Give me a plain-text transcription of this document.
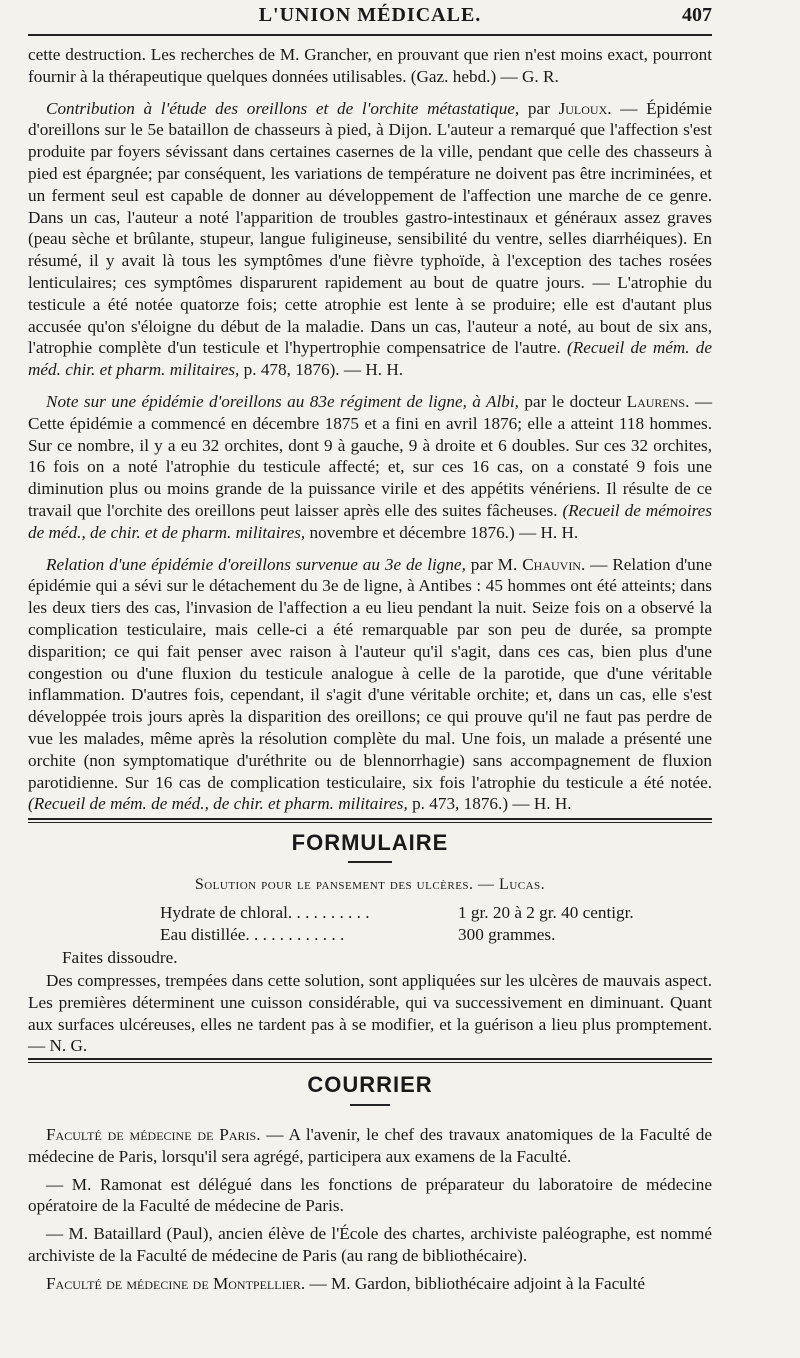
L'UNION MÉDICALE.	407

cette destruction. Les recherches de M. Grancher, en prouvant que rien n'est moins exact, pourront fournir à la thérapeutique quelques données utilisables. (Gaz. hebd.) — G. R.

Contribution à l'étude des oreillons et de l'orchite métastatique, par Juloux. — Épidémie d'oreillons sur le 5e bataillon de chasseurs à pied, à Dijon. L'auteur a remarqué que l'affection s'est produite par foyers sévissant dans certaines casernes de la ville, pendant que celle des chasseurs à pied est épargnée; par conséquent, les variations de température ne doivent pas être incriminées, et un ferment seul est capable de donner au développement de l'affection une marche de ce genre. Dans un cas, l'auteur a noté l'apparition de troubles gastro-intestinaux et généraux assez graves (peau sèche et brûlante, stupeur, langue fuligineuse, sensibilité du ventre, selles diarrhéiques). En résumé, il y avait là tous les symptômes d'une fièvre typhoïde, à l'exception des taches rosées lenticulaires; ces symptômes disparurent rapidement au bout de quatre jours. — L'atrophie du testicule a été notée quatorze fois; cette atrophie est lente à se produire; elle est d'autant plus accusée qu'on s'éloigne du début de la maladie. Dans un cas, l'auteur a noté, au bout de six ans, l'atrophie complète d'un testicule et l'hypertrophie compensatrice de l'autre. (Recueil de mém. de méd. chir. et pharm. militaires, p. 478, 1876). — H. H.

Note sur une épidémie d'oreillons au 83e régiment de ligne, à Albi, par le docteur Laurens. — Cette épidémie a commencé en décembre 1875 et a fini en avril 1876; elle a atteint 118 hommes. Sur ce nombre, il y a eu 32 orchites, dont 9 à gauche, 9 à droite et 6 doubles. Sur ces 32 orchites, 16 fois on a noté l'atrophie du testicule affecté; et, sur ces 16 cas, on a constaté 9 fois une diminution plus ou moins grande de la puissance virile et des appétits vénériens. Il résulte de ce travail que l'orchite des oreillons peut laisser après elle des suites fâcheuses. (Recueil de mémoires de méd., de chir. et de pharm. militaires, novembre et décembre 1876.) — H. H.

Relation d'une épidémie d'oreillons survenue au 3e de ligne, par M. Chauvin. — Relation d'une épidémie qui a sévi sur le détachement du 3e de ligne, à Antibes : 45 hommes ont été atteints; dans les deux tiers des cas, l'invasion de l'affection a eu lieu pendant la nuit. Seize fois on a observé la complication testiculaire, mais celle-ci a été remarquable par son peu de durée, sa prompte disparition; ce qui fait penser avec raison à l'auteur qu'il s'agit, dans ces cas, bien plus d'une congestion ou d'une fluxion du testicule analogue à celle de la parotide, que d'une véritable inflammation. D'autres fois, cependant, il s'agit d'une véritable orchite; et, dans un cas, elle s'est développée trois jours après la disparition des oreillons; ce qui prouve qu'il ne faut pas perdre de vue les malades, même après la résolution complète du mal. Une fois, un malade a présenté une orchite (non symptomatique d'uréthrite ou de blennorrhagie) sans accompagnement de fluxion parotidienne. Sur 16 cas de complication testiculaire, six fois l'atrophie du testicule a été notée. (Recueil de mém. de méd., de chir. et pharm. militaires, p. 473, 1876.) — H. H.

FORMULAIRE
Solution pour le pansement des ulcères. — Lucas.
Hydrate de chloral. . . . . . . . . .	1 gr. 20 à 2 gr. 40 centigr.
Eau distillée. . . . . . . . . . . .	300 grammes.
Faites dissoudre.

Des compresses, trempées dans cette solution, sont appliquées sur les ulcères de mauvais aspect. Les premières déterminent une cuisson considérable, qui va successivement en diminuant. Quant aux surfaces ulcéreuses, elles ne tardent pas à se modifier, et la guérison a lieu plus promptement. — N. G.

COURRIER

Faculté de médecine de Paris. — A l'avenir, le chef des travaux anatomiques de la Faculté de médecine de Paris, lorsqu'il sera agrégé, participera aux examens de la Faculté.

— M. Ramonat est délégué dans les fonctions de préparateur du laboratoire de médecine opératoire de la Faculté de médecine de Paris.

— M. Bataillard (Paul), ancien élève de l'École des chartes, archiviste paléographe, est nommé archiviste de la Faculté de médecine de Paris (au rang de bibliothécaire).

Faculté de médecine de Montpellier. — M. Gardon, bibliothécaire adjoint à la Faculté
